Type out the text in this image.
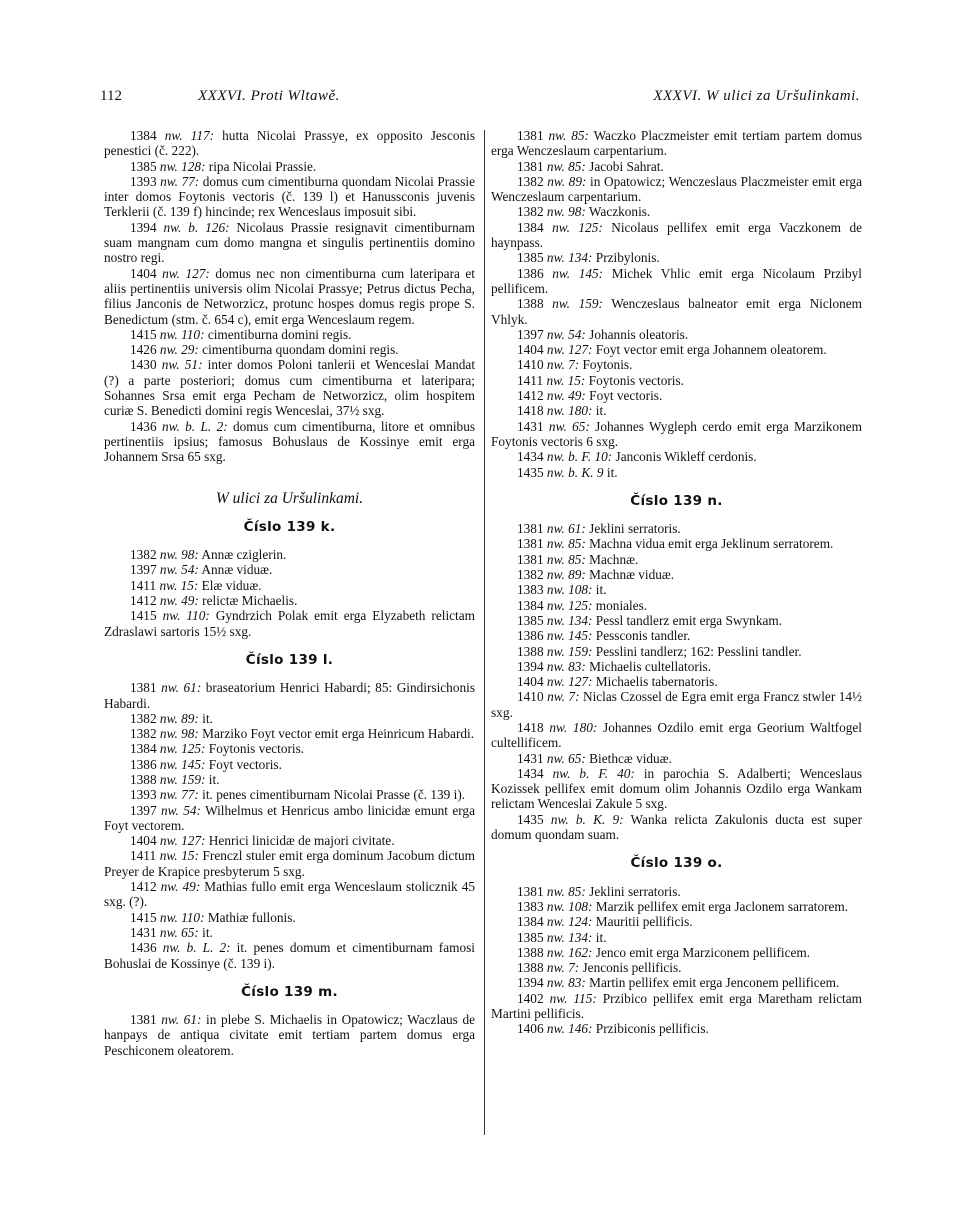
112	XXXVI. Proti Wltawě.	XXXVI. W ulici za Uršulinkami.

1384 nw. 117: hutta Nicolai Prassye, ex opposito Jesconis penestici (č. 222).

1385 nw. 128: ripa Nicolai Prassie.

1393 nw. 77: domus cum cimentiburna quondam Nicolai Prassie inter domos Foytonis vectoris (č. 139 l) et Hanussconis juvenis Terklerii (č. 139 f) hincinde; rex Wenceslaus imposuit sibi.

1394 nw. b. 126: Nicolaus Prassie resignavit cimentiburnam suam mangnam cum domo mangna et singulis pertinentiis domino nostro regi.

1404 nw. 127: domus nec non cimentiburna cum lateripara et aliis pertinentiis universis olim Nicolai Prassye; Petrus dictus Pecha, filius Janconis de Networzicz, protunc hospes domus regis prope S. Benedictum (stm. č. 654 c), emit erga Wenceslaum regem.

1415 nw. 110: cimentiburna domini regis.

1426 nw. 29: cimentiburna quondam domini regis.

1430 nw. 51: inter domos Poloni tanlerii et Wenceslai Mandat (?) a parte posteriori; domus cum cimentiburna et lateripara; Sohannes Srsa emit erga Pecham de Networzicz, olim hospitem curiæ S. Benedicti domini regis Wenceslai, 37½ sxg.

1436 nw. b. L. 2: domus cum cimentiburna, litore et omnibus pertinentiis ipsius; famosus Bohuslaus de Kossinye emit erga Johannem Srsa 65 sxg.

W ulici za Uršulinkami.
Číslo 139 k.

1382 nw. 98: Annæ cziglerin.

1397 nw. 54: Annæ viduæ.

1411 nw. 15: Elæ viduæ.

1412 nw. 49: relictæ Michaelis.

1415 nw. 110: Gyndrzich Polak emit erga Elyzabeth relictam Zdraslawi sartoris 15½ sxg.

Číslo 139 l.

1381 nw. 61: braseatorium Henrici Habardi; 85: Gindirsichonis Habardi.

1382 nw. 89: it.

1382 nw. 98: Marziko Foyt vector emit erga Heinricum Habardi.

1384 nw. 125: Foytonis vectoris.

1386 nw. 145: Foyt vectoris.

1388 nw. 159: it.

1393 nw. 77: it. penes cimentiburnam Nicolai Prasse (č. 139 i).

1397 nw. 54: Wilhelmus et Henricus ambo linicidæ emunt erga Foyt vectorem.

1404 nw. 127: Henrici linicidæ de majori civitate.

1411 nw. 15: Frenczl stuler emit erga dominum Jacobum dictum Preyer de Krapice presbyterum 5 sxg.

1412 nw. 49: Mathias fullo emit erga Wenceslaum stolicznik 45 sxg. (?).

1415 nw. 110: Mathiæ fullonis.

1431 nw. 65: it.

1436 nw. b. L. 2: it. penes domum et cimentiburnam famosi Bohuslai de Kossinye (č. 139 i).

Číslo 139 m.

1381 nw. 61: in plebe S. Michaelis in Opatowicz; Waczlaus de hanpays de antiqua civitate emit tertiam partem domus erga Peschiconem oleatorem.

1381 nw. 85: Waczko Placzmeister emit tertiam partem domus erga Wenczeslaum carpentarium.

1381 nw. 85: Jacobi Sahrat.

1382 nw. 89: in Opatowicz; Wenczeslaus Placzmeister emit erga Wenczeslaum carpentarium.

1382 nw. 98: Waczkonis.

1384 nw. 125: Nicolaus pellifex emit erga Vaczkonem de haynpass.

1385 nw. 134: Przibylonis.

1386 nw. 145: Michek Vhlic emit erga Nicolaum Przibyl pellificem.

1388 nw. 159: Wenczeslaus balneator emit erga Niclonem Vhlyk.

1397 nw. 54: Johannis oleatoris.

1404 nw. 127: Foyt vector emit erga Johannem oleatorem.

1410 nw. 7: Foytonis.

1411 nw. 15: Foytonis vectoris.

1412 nw. 49: Foyt vectoris.

1418 nw. 180: it.

1431 nw. 65: Johannes Wygleph cerdo emit erga Marzikonem Foytonis vectoris 6 sxg.

1434 nw. b. F. 10: Janconis Wikleff cerdonis.

1435 nw. b. K. 9 it.

Číslo 139 n.

1381 nw. 61: Jeklini serratoris.

1381 nw. 85: Machna vidua emit erga Jeklinum serratorem.

1381 nw. 85: Machnæ.

1382 nw. 89: Machnæ viduæ.

1383 nw. 108: it.

1384 nw. 125: moniales.

1385 nw. 134: Pessl tandlerz emit erga Swynkam.

1386 nw. 145: Pessconis tandler.

1388 nw. 159: Pesslini tandlerz; 162: Pesslini tandler.

1394 nw. 83: Michaelis cultellatoris.

1404 nw. 127: Michaelis tabernatoris.

1410 nw. 7: Niclas Czossel de Egra emit erga Francz stwler 14½ sxg.

1418 nw. 180: Johannes Ozdilo emit erga Georium Waltfogel cultellificem.

1431 nw. 65: Biethcæ viduæ.

1434 nw. b. F. 40: in parochia S. Adalberti; Wenceslaus Kozissek pellifex emit domum olim Johannis Ozdilo erga Wankam relictam Wenceslai Zakule 5 sxg.

1435 nw. b. K. 9: Wanka relicta Zakulonis ducta est super domum quondam suam.

Číslo 139 o.

1381 nw. 85: Jeklini serratoris.

1383 nw. 108: Marzik pellifex emit erga Jaclonem sarratorem.

1384 nw. 124: Mauritii pellificis.

1385 nw. 134: it.

1388 nw. 162: Jenco emit erga Marziconem pellificem.

1388 nw. 7: Jenconis pellificis.

1394 nw. 83: Martin pellifex emit erga Jenconem pellificem.

1402 nw. 115: Przibico pellifex emit erga Maretham relictam Martini pellificis.

1406 nw. 146: Przibiconis pellificis.
